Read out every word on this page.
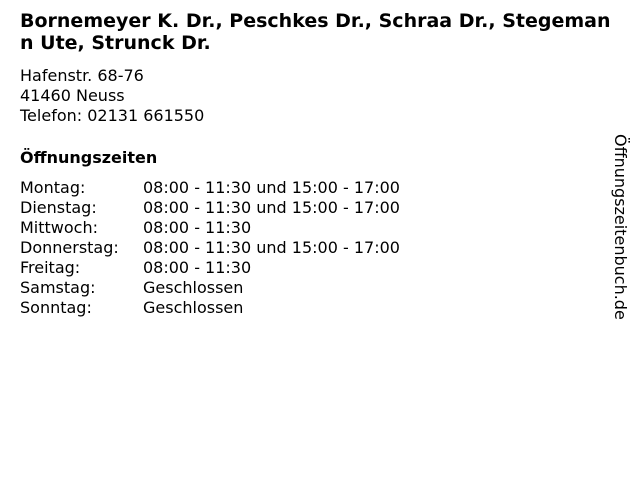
Bornemeyer K. Dr., Peschkes Dr., Schraa Dr., Stegemann Ute, Strunck Dr.
Hafenstr. 68-76
41460 Neuss
Telefon: 02131 661550
Öffnungszeiten
Montag:	08:00 - 11:30 und 15:00 - 17:00
Dienstag:	08:00 - 11:30 und 15:00 - 17:00
Mittwoch:	08:00 - 11:30
Donnerstag:	08:00 - 11:30 und 15:00 - 17:00
Freitag:	08:00 - 11:30
Samstag:	Geschlossen
Sonntag:	Geschlossen	Öffnungszeitenbuch.de
